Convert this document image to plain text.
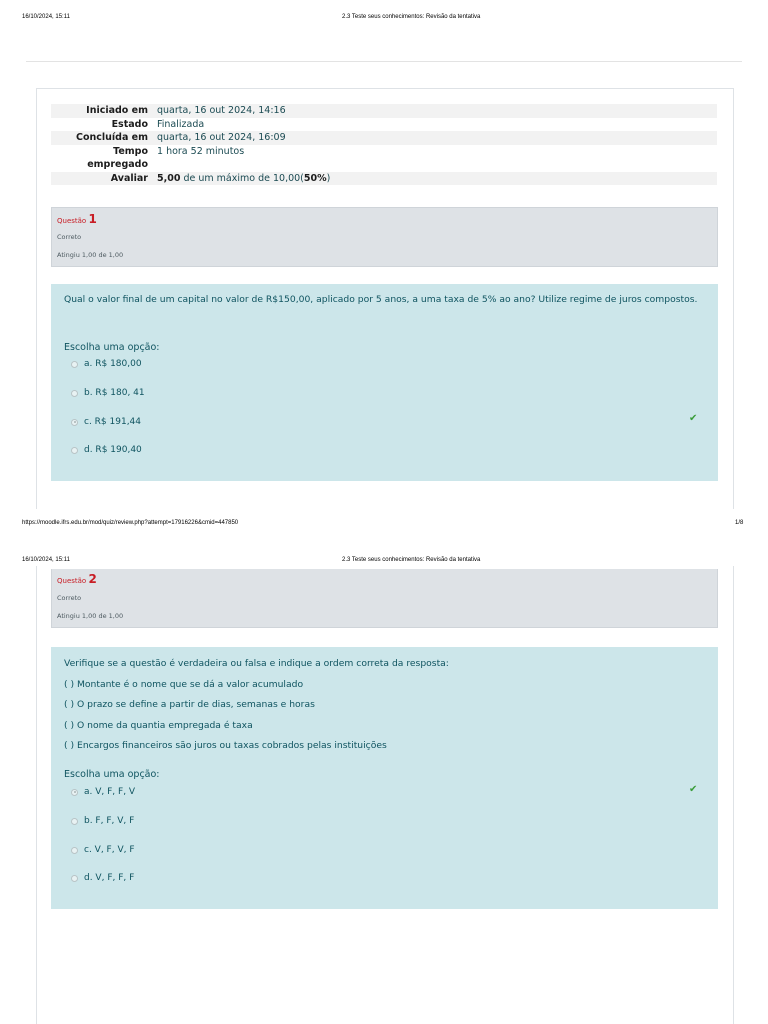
16/10/2024, 15:11	2.3 Teste seus conhecimentos: Revisão da tentativa
Iniciado em quarta, 16 out 2024, 14:16
Estado Finalizada
Concluída em quarta, 16 out 2024, 16:09
Tempo
empregado
1 hora 52 minutos
Avaliar 5,00 de um máximo de 10,00(50%)
Questão 1
Correto
Atingiu 1,00 de 1,00
Qual o valor final de um capital no valor de R$150,00, aplicado por 5 anos, a uma taxa de 5% ao ano? Utilize regime de juros compostos.
Escolha uma opção:
a. R$ 180,00
b. R$ 180, 41
c. R$ 191,44	✔
d. R$ 190,40
https://moodle.ifrs.edu.br/mod/quiz/review.php?attempt=17916226&cmid=447850	1/8
16/10/2024, 15:11	2.3 Teste seus conhecimentos: Revisão da tentativa
Questão 2
Correto
Atingiu 1,00 de 1,00
Verifique se a questão é verdadeira ou falsa e indique a ordem correta da resposta:
( ) Montante é o nome que se dá a valor acumulado
( ) O prazo se define a partir de dias, semanas e horas
( ) O nome da quantia empregada é taxa
( ) Encargos financeiros são juros ou taxas cobrados pelas instituições
Escolha uma opção:
a. V, F, F, V	✔
b. F, F, V, F
c. V, F, V, F
d. V, F, F, F
